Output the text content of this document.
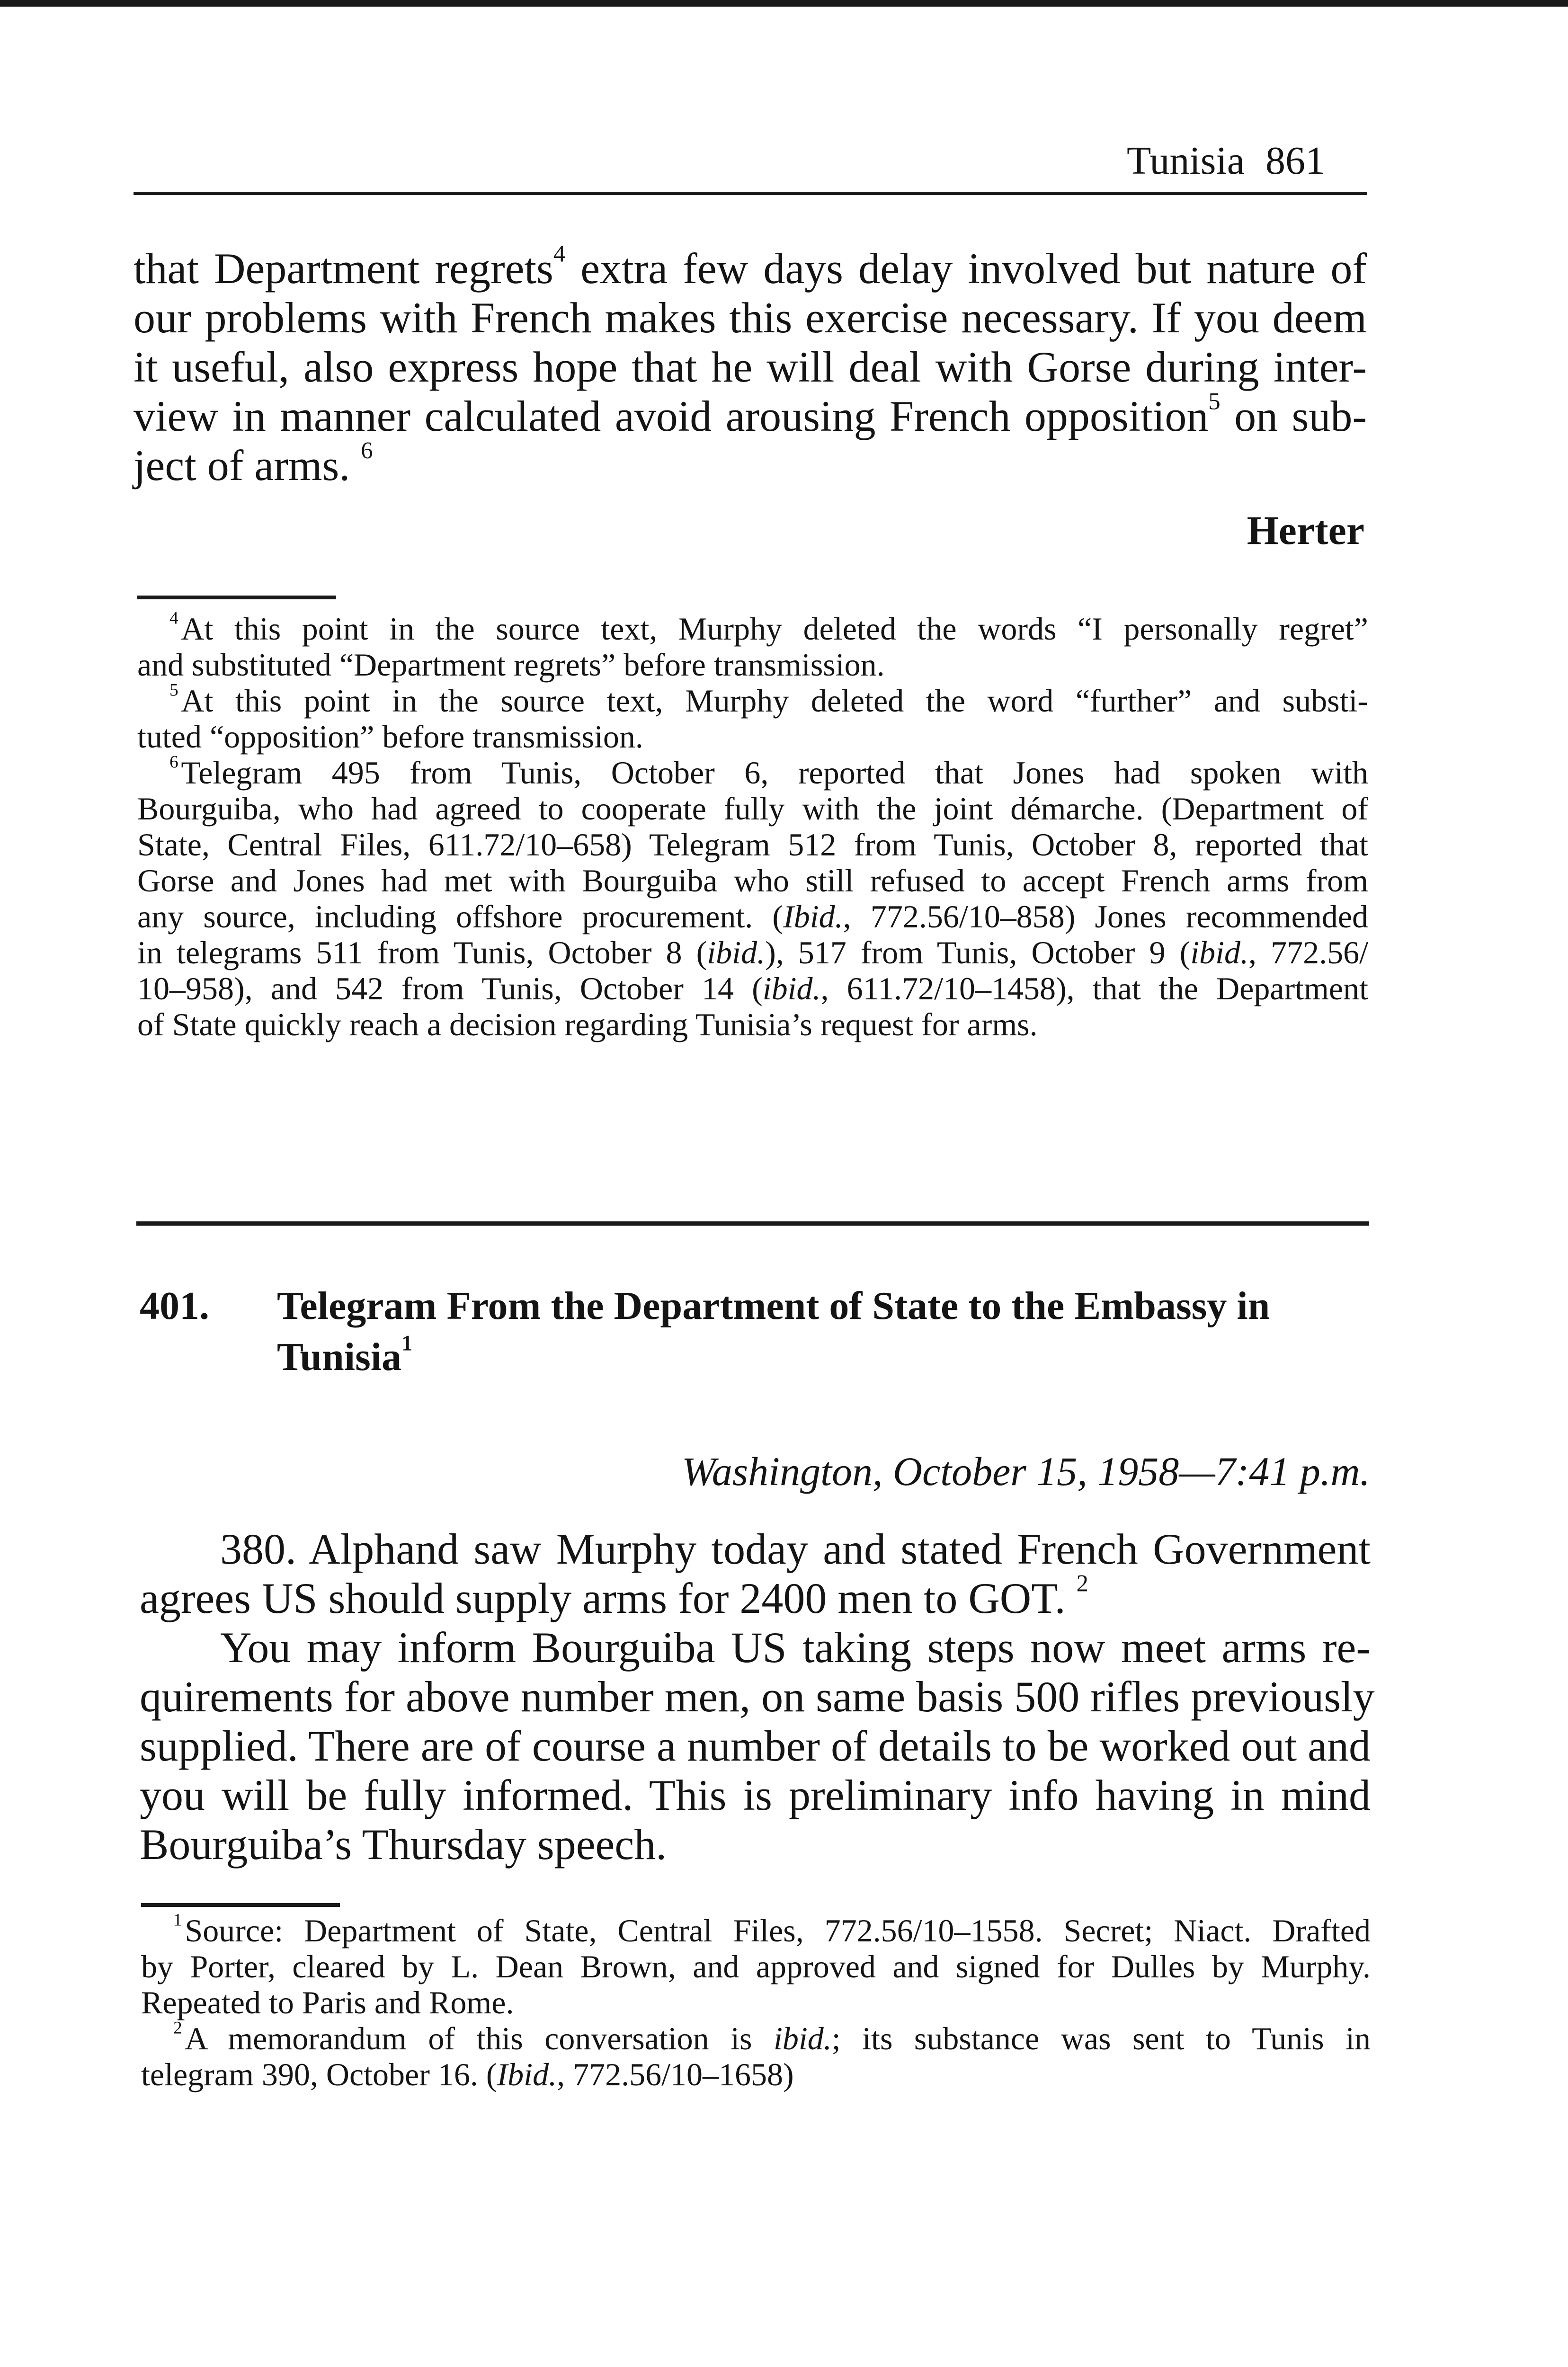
Tunisia 861
that Department regrets$^4$ extra few days delay involved but nature of
our problems with French makes this exercise necessary. If you deem
it useful, also express hope that he will deal with Gorse during inter-
view in manner calculated avoid arousing French opposition$^5$ on sub-
ject of arms. $^6$
Herter
 $^4$ At this point in the source text, Murphy deleted the words “I personally regret”
and substituted “Department regrets” before transmission.
 $^5$ At this point in the source text, Murphy deleted the word “further” and substi-
tuted “opposition” before transmission.
 $^6$ Telegram 495 from Tunis, October 6, reported that Jones had spoken with
Bourguiba, who had agreed to cooperate fully with the joint démarche. (Department of
State, Central Files, 611.72/10–658) Telegram 512 from Tunis, October 8, reported that
Gorse and Jones had met with Bourguiba who still refused to accept French arms from
any source, including offshore procurement. (Ibid., 772.56/10–858) Jones recommended
in telegrams 511 from Tunis, October 8 (ibid.), 517 from Tunis, October 9 (ibid., 772.56/
10–958), and 542 from Tunis, October 14 (ibid., 611.72/10–1458), that the Department
of State quickly reach a decision regarding Tunisia’s request for arms.
401. Telegram From the Department of State to the Embassy in
Tunisia$^1$
Washington, October 15, 1958—7:41 p.m.
380. Alphand saw Murphy today and stated French Government
agrees US should supply arms for 2400 men to GOT. $^2$
You may inform Bourguiba US taking steps now meet arms re-
quirements for above number men, on same basis 500 rifles previously
supplied. There are of course a number of details to be worked out and
you will be fully informed. This is preliminary info having in mind
Bourguiba’s Thursday speech.
 $^1$ Source: Department of State, Central Files, 772.56/10–1558. Secret; Niact. Drafted
by Porter, cleared by L. Dean Brown, and approved and signed for Dulles by Murphy.
Repeated to Paris and Rome.
 $^2$ A memorandum of this conversation is ibid.; its substance was sent to Tunis in
telegram 390, October 16. (Ibid., 772.56/10–1658)
